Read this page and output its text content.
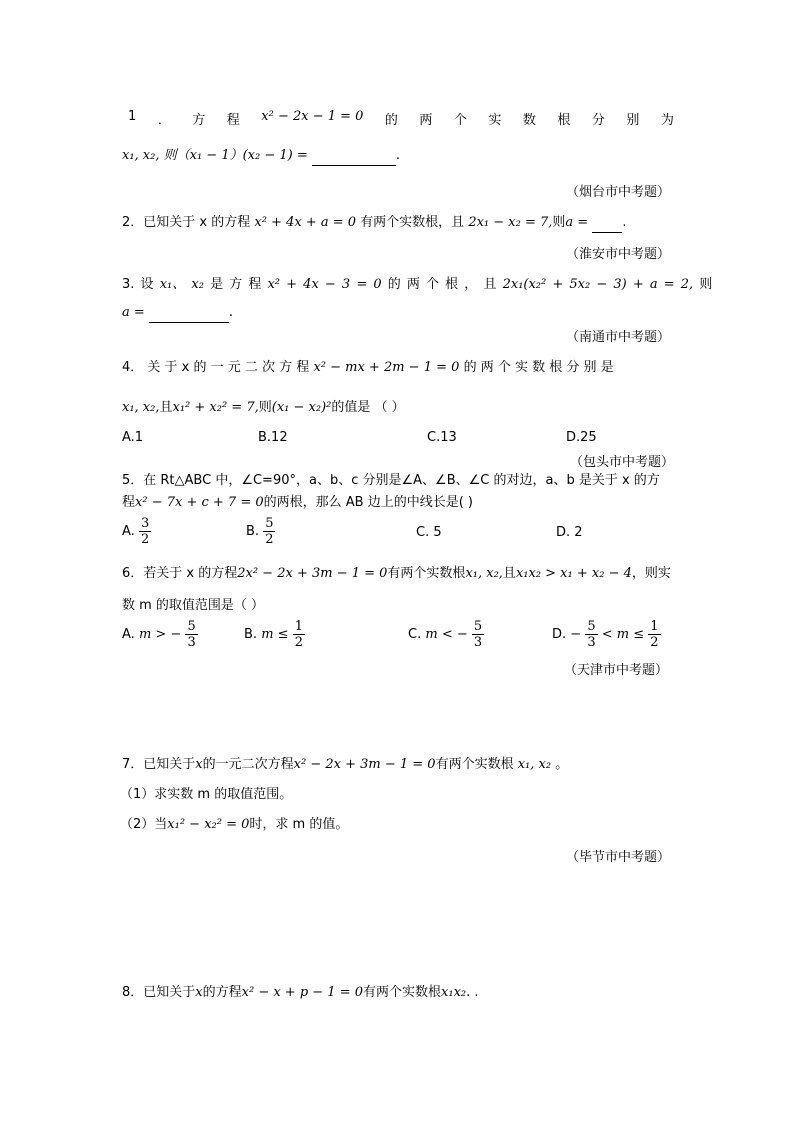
1 ． 方 程 x² − 2x − 1 = 0 的 两 个 实 数 根 分 别 为
x₁, x₂, 则（x₁ − 1）(x₂ − 1) =	.
（烟台市中考题）
2．已知关于 x 的方程 x² + 4x + a = 0 有两个实数根，且 2x₁ − x₂ = 7,则a =	.
（淮安市中考题）
3. 设 x₁、 x₂ 是 方 程 x² + 4x − 3 = 0 的 两 个 根 ， 且 2x₁(x₂² + 5x₂ − 3) + a = 2, 则
a =	.
（南通市中考题）
4． 关 于 x 的 一 元 二 次 方 程 x² − mx + 2m − 1 = 0 的 两 个 实 数 根 分 别 是
x₁, x₂,且x₁² + x₂² = 7,则(x₁ − x₂)²的值是 （ ）
A.1	B.12	C.13	D.25
（包头市中考题）
5．在 Rt△ABC 中，∠C=90°，a、b、c 分别是∠A、∠B、∠C 的对边，a、b 是关于 x 的方
程x² − 7x + c + 7 = 0的两根，那么 AB 边上的中线长是( )
A. $\frac{3}{2}$	B. $\frac{5}{2}$	C. 5	D. 2
6．若关于 x 的方程2x² − 2x + 3m − 1 = 0有两个实数根x₁, x₂,且x₁x₂ > x₁ + x₂ − 4，则实
数 m 的取值范围是（ ）
A. m > − $\frac{5}{3}$	B. $m \le \frac{1}{2}$	C. m < − $\frac{5}{3}$	D. − $\frac{5}{3} < m \le \frac{1}{2}$
（天津市中考题）
7．已知关于x的一元二次方程x² − 2x + 3m − 1 = 0有两个实数根 x₁, x₂ 。
（1）求实数 m 的取值范围。
（2）当x₁² − x₂² = 0时，求 m 的值。
（毕节市中考题）
8．已知关于x的方程x² − x + p − 1 = 0有两个实数根x₁x₂. .
